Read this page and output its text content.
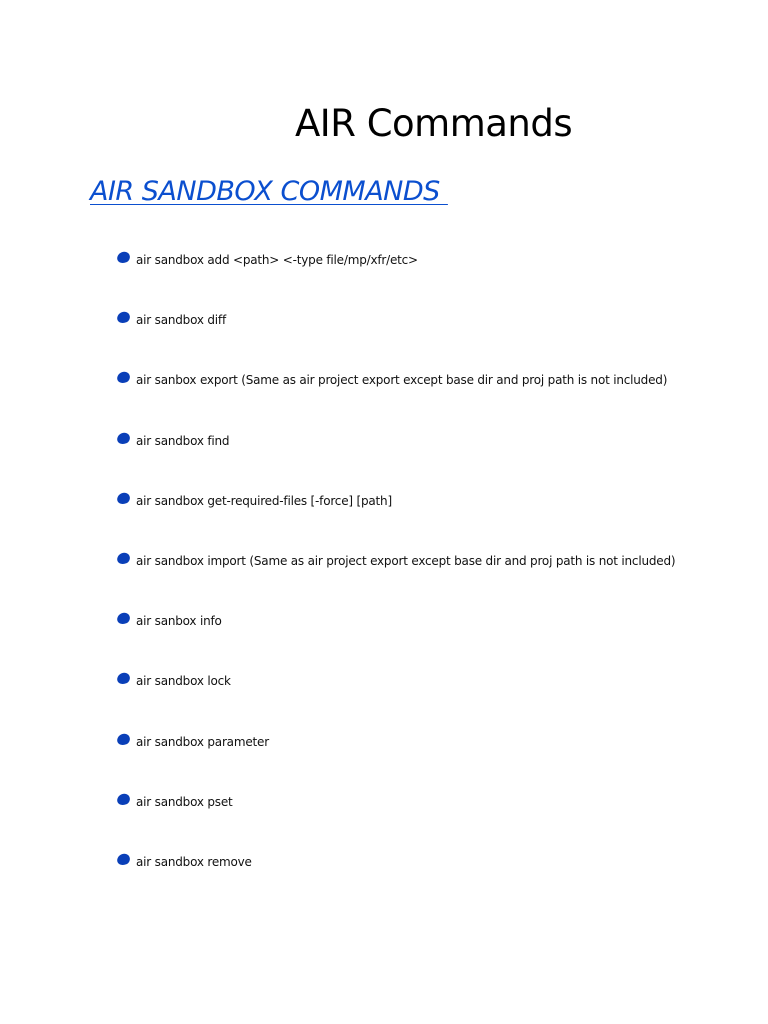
AIR Commands
AIR SANDBOX COMMANDS
air sandbox add <path> <-type file/mp/xfr/etc>
air sandbox diff
air sanbox export (Same as air project export except base dir and proj path is not included)
air sandbox find
air sandbox get-required-files [-force] [path]
air sandbox import (Same as air project export except base dir and proj path is not included)
air sanbox info
air sandbox lock
air sandbox parameter
air sandbox pset
air sandbox remove
